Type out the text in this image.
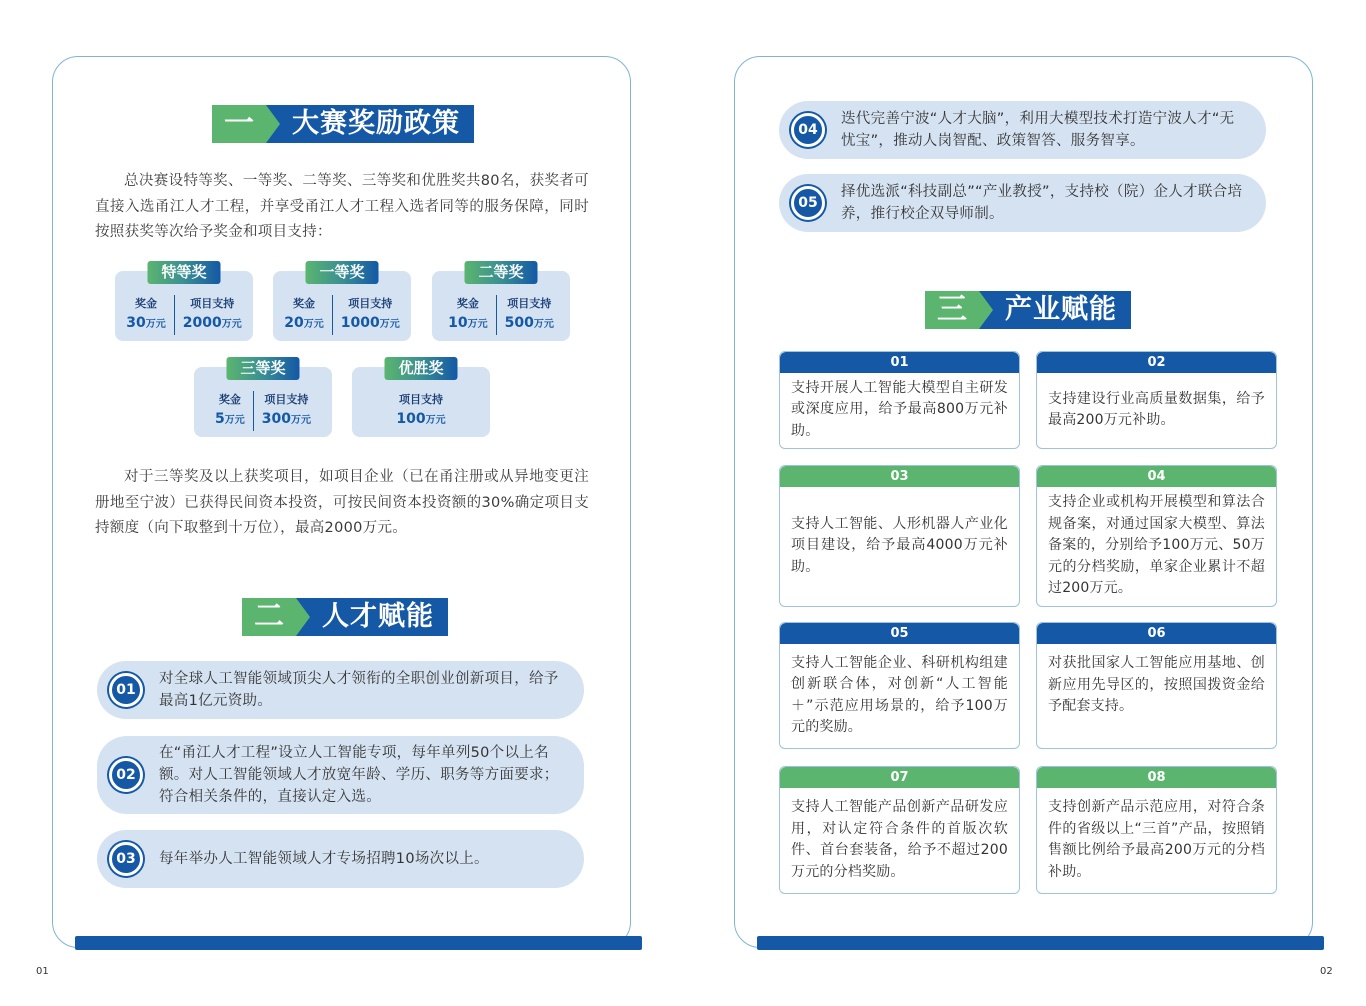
一	大赛奖励政策

总决赛设特等奖、一等奖、二等奖、三等奖和优胜奖共80名，获奖者可直接入选甬江人才工程，并享受甬江人才工程入选者同等的服务保障，同时按照获奖等次给予奖金和项目支持：

特等奖
奖金
30万元
项目支持
2000万元
一等奖
奖金
20万元
项目支持
1000万元
二等奖
奖金
10万元
项目支持
500万元
三等奖
奖金
5万元
项目支持
300万元
优胜奖
项目支持
100万元

对于三等奖及以上获奖项目，如项目企业（已在甬注册或从异地变更注册地至宁波）已获得民间资本投资，可按民间资本投资额的30%确定项目支持额度（向下取整到十万位），最高2000万元。

二	人才赋能
01
对全球人工智能领域顶尖人才领衔的全职创业创新项目，给予最高1亿元资助。
02
在“甬江人才工程”设立人工智能专项，每年单列50个以上名额。对人工智能领域人才放宽年龄、学历、职务等方面要求；符合相关条件的，直接认定入选。
03	每年举办人工智能领域人才专场招聘10场次以上。
04
迭代完善宁波“人才大脑”，利用大模型技术打造宁波人才“无忧宝”，推动人岗智配、政策智答、服务智享。
05
择优选派“科技副总”“产业教授”，支持校（院）企人才联合培养，推行校企双导师制。
三	产业赋能
01
支持开展人工智能大模型自主研发或深度应用，给予最高800万元补助。
02
支持建设行业高质量数据集，给予最高200万元补助。
03
支持人工智能、人形机器人产业化项目建设，给予最高4000万元补助。
04
支持企业或机构开展模型和算法合规备案，对通过国家大模型、算法备案的，分别给予100万元、50万元的分档奖励，单家企业累计不超过200万元。
05
支持人工智能企业、科研机构组建创新联合体，对创新“人工智能＋”示范应用场景的，给予100万元的奖励。
06
对获批国家人工智能应用基地、创新应用先导区的，按照国拨资金给予配套支持。
07
支持人工智能产品创新产品研发应用，对认定符合条件的首版次软件、首台套装备，给予不超过200万元的分档奖励。
08
支持创新产品示范应用，对符合条件的省级以上“三首”产品，按照销售额比例给予最高200万元的分档补助。
01	02
